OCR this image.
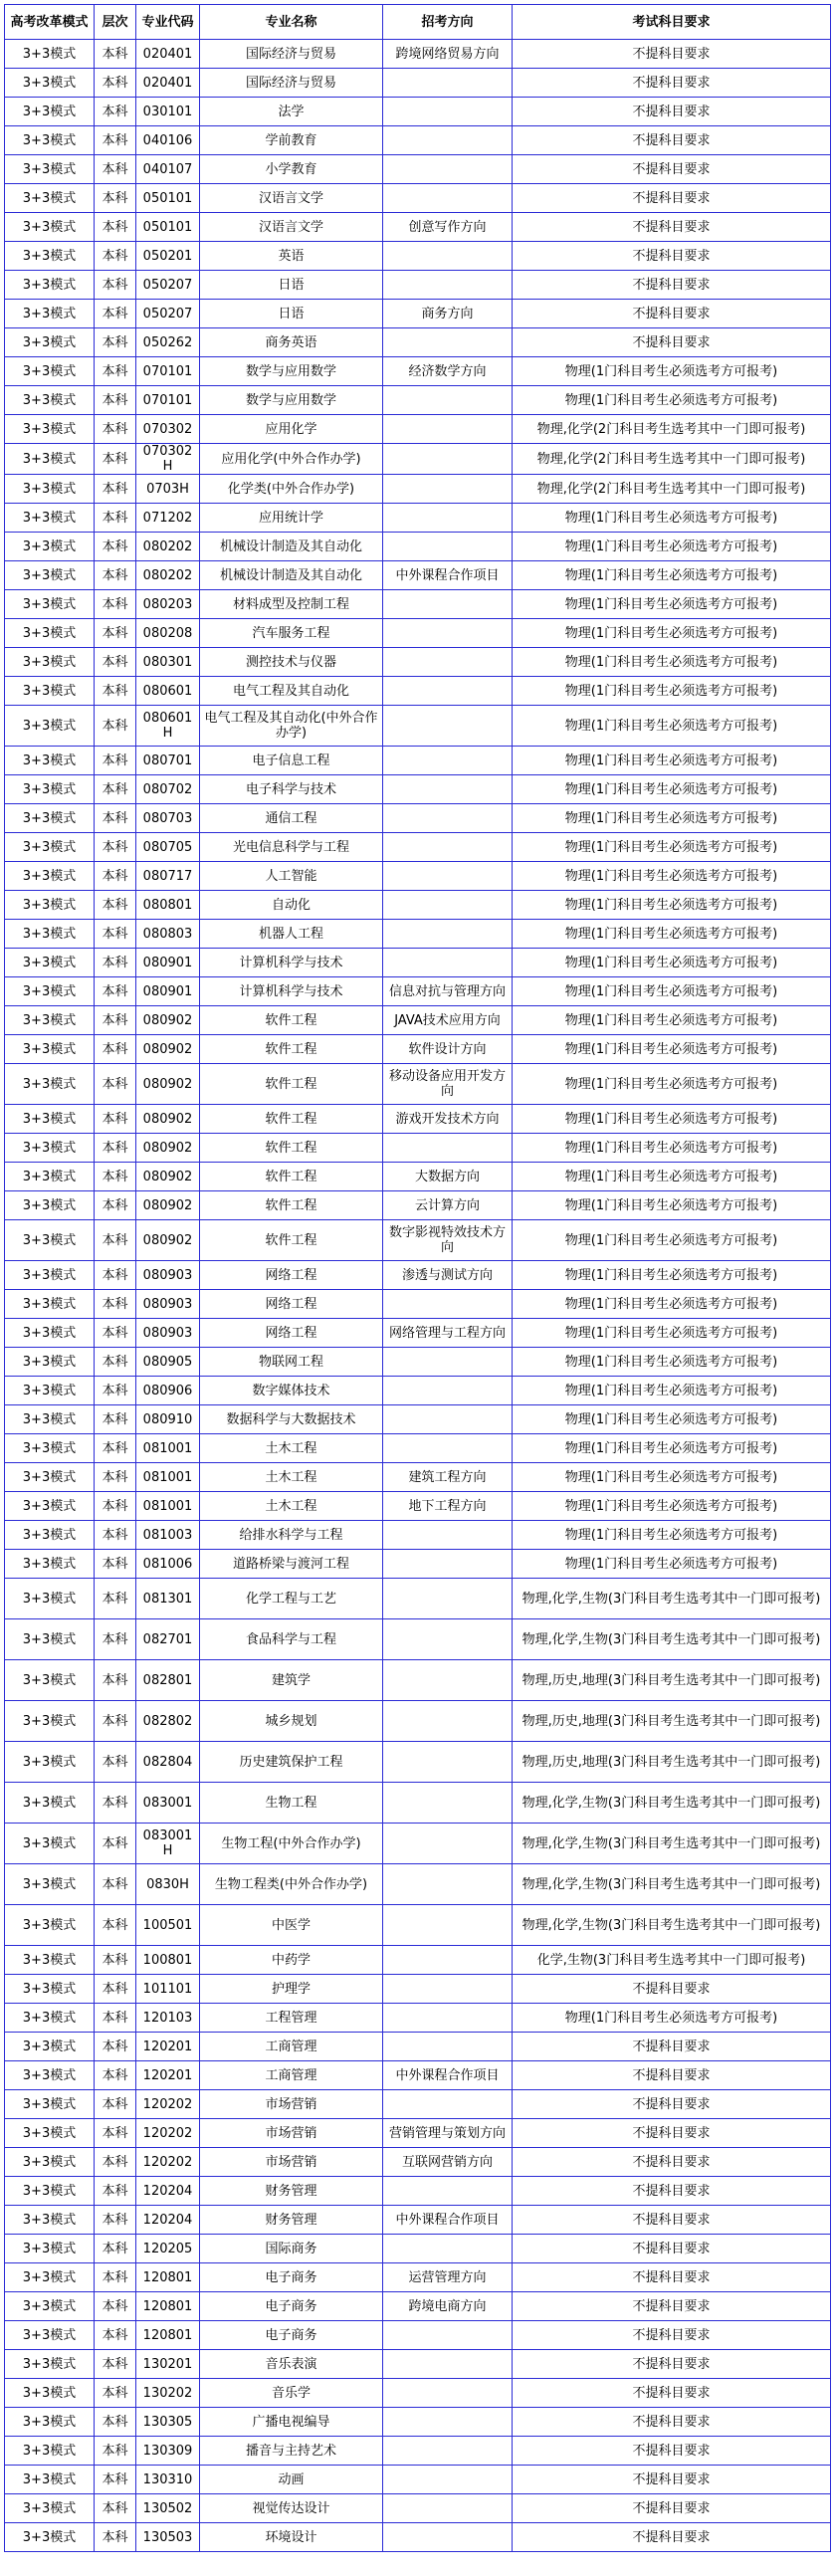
高考改革模式	层次	专业代码	专业名称	招考方向	考试科目要求
3+3模式	本科	020401	国际经济与贸易	跨境网络贸易方向	不提科目要求
3+3模式	本科	020401	国际经济与贸易		不提科目要求
3+3模式	本科	030101	法学		不提科目要求
3+3模式	本科	040106	学前教育		不提科目要求
3+3模式	本科	040107	小学教育		不提科目要求
3+3模式	本科	050101	汉语言文学		不提科目要求
3+3模式	本科	050101	汉语言文学	创意写作方向	不提科目要求
3+3模式	本科	050201	英语		不提科目要求
3+3模式	本科	050207	日语		不提科目要求
3+3模式	本科	050207	日语	商务方向	不提科目要求
3+3模式	本科	050262	商务英语		不提科目要求
3+3模式	本科	070101	数学与应用数学	经济数学方向	物理(1门科目考生必须选考方可报考)
3+3模式	本科	070101	数学与应用数学		物理(1门科目考生必须选考方可报考)
3+3模式	本科	070302	应用化学		物理,化学(2门科目考生选考其中一门即可报考)
3+3模式	本科	070302H	应用化学(中外合作办学)		物理,化学(2门科目考生选考其中一门即可报考)
3+3模式	本科	0703H	化学类(中外合作办学)		物理,化学(2门科目考生选考其中一门即可报考)
3+3模式	本科	071202	应用统计学		物理(1门科目考生必须选考方可报考)
3+3模式	本科	080202	机械设计制造及其自动化		物理(1门科目考生必须选考方可报考)
3+3模式	本科	080202	机械设计制造及其自动化	中外课程合作项目	物理(1门科目考生必须选考方可报考)
3+3模式	本科	080203	材料成型及控制工程		物理(1门科目考生必须选考方可报考)
3+3模式	本科	080208	汽车服务工程		物理(1门科目考生必须选考方可报考)
3+3模式	本科	080301	测控技术与仪器		物理(1门科目考生必须选考方可报考)
3+3模式	本科	080601	电气工程及其自动化		物理(1门科目考生必须选考方可报考)
3+3模式	本科	080601H	电气工程及其自动化(中外合作办学)		物理(1门科目考生必须选考方可报考)
3+3模式	本科	080701	电子信息工程		物理(1门科目考生必须选考方可报考)
3+3模式	本科	080702	电子科学与技术		物理(1门科目考生必须选考方可报考)
3+3模式	本科	080703	通信工程		物理(1门科目考生必须选考方可报考)
3+3模式	本科	080705	光电信息科学与工程		物理(1门科目考生必须选考方可报考)
3+3模式	本科	080717	人工智能		物理(1门科目考生必须选考方可报考)
3+3模式	本科	080801	自动化		物理(1门科目考生必须选考方可报考)
3+3模式	本科	080803	机器人工程		物理(1门科目考生必须选考方可报考)
3+3模式	本科	080901	计算机科学与技术		物理(1门科目考生必须选考方可报考)
3+3模式	本科	080901	计算机科学与技术	信息对抗与管理方向	物理(1门科目考生必须选考方可报考)
3+3模式	本科	080902	软件工程	JAVA技术应用方向	物理(1门科目考生必须选考方可报考)
3+3模式	本科	080902	软件工程	软件设计方向	物理(1门科目考生必须选考方可报考)
3+3模式	本科	080902	软件工程	移动设备应用开发方向	物理(1门科目考生必须选考方可报考)
3+3模式	本科	080902	软件工程	游戏开发技术方向	物理(1门科目考生必须选考方可报考)
3+3模式	本科	080902	软件工程		物理(1门科目考生必须选考方可报考)
3+3模式	本科	080902	软件工程	大数据方向	物理(1门科目考生必须选考方可报考)
3+3模式	本科	080902	软件工程	云计算方向	物理(1门科目考生必须选考方可报考)
3+3模式	本科	080902	软件工程	数字影视特效技术方向	物理(1门科目考生必须选考方可报考)
3+3模式	本科	080903	网络工程	渗透与测试方向	物理(1门科目考生必须选考方可报考)
3+3模式	本科	080903	网络工程		物理(1门科目考生必须选考方可报考)
3+3模式	本科	080903	网络工程	网络管理与工程方向	物理(1门科目考生必须选考方可报考)
3+3模式	本科	080905	物联网工程		物理(1门科目考生必须选考方可报考)
3+3模式	本科	080906	数字媒体技术		物理(1门科目考生必须选考方可报考)
3+3模式	本科	080910	数据科学与大数据技术		物理(1门科目考生必须选考方可报考)
3+3模式	本科	081001	土木工程		物理(1门科目考生必须选考方可报考)
3+3模式	本科	081001	土木工程	建筑工程方向	物理(1门科目考生必须选考方可报考)
3+3模式	本科	081001	土木工程	地下工程方向	物理(1门科目考生必须选考方可报考)
3+3模式	本科	081003	给排水科学与工程		物理(1门科目考生必须选考方可报考)
3+3模式	本科	081006	道路桥梁与渡河工程		物理(1门科目考生必须选考方可报考)
3+3模式	本科	081301	化学工程与工艺		物理,化学,生物(3门科目考生选考其中一门即可报考)
3+3模式	本科	082701	食品科学与工程		物理,化学,生物(3门科目考生选考其中一门即可报考)
3+3模式	本科	082801	建筑学		物理,历史,地理(3门科目考生选考其中一门即可报考)
3+3模式	本科	082802	城乡规划		物理,历史,地理(3门科目考生选考其中一门即可报考)
3+3模式	本科	082804	历史建筑保护工程		物理,历史,地理(3门科目考生选考其中一门即可报考)
3+3模式	本科	083001	生物工程		物理,化学,生物(3门科目考生选考其中一门即可报考)
3+3模式	本科	083001H	生物工程(中外合作办学)		物理,化学,生物(3门科目考生选考其中一门即可报考)
3+3模式	本科	0830H	生物工程类(中外合作办学)		物理,化学,生物(3门科目考生选考其中一门即可报考)
3+3模式	本科	100501	中医学		物理,化学,生物(3门科目考生选考其中一门即可报考)
3+3模式	本科	100801	中药学		化学,生物(3门科目考生选考其中一门即可报考)
3+3模式	本科	101101	护理学		不提科目要求
3+3模式	本科	120103	工程管理		物理(1门科目考生必须选考方可报考)
3+3模式	本科	120201	工商管理		不提科目要求
3+3模式	本科	120201	工商管理	中外课程合作项目	不提科目要求
3+3模式	本科	120202	市场营销		不提科目要求
3+3模式	本科	120202	市场营销	营销管理与策划方向	不提科目要求
3+3模式	本科	120202	市场营销	互联网营销方向	不提科目要求
3+3模式	本科	120204	财务管理		不提科目要求
3+3模式	本科	120204	财务管理	中外课程合作项目	不提科目要求
3+3模式	本科	120205	国际商务		不提科目要求
3+3模式	本科	120801	电子商务	运营管理方向	不提科目要求
3+3模式	本科	120801	电子商务	跨境电商方向	不提科目要求
3+3模式	本科	120801	电子商务		不提科目要求
3+3模式	本科	130201	音乐表演		不提科目要求
3+3模式	本科	130202	音乐学		不提科目要求
3+3模式	本科	130305	广播电视编导		不提科目要求
3+3模式	本科	130309	播音与主持艺术		不提科目要求
3+3模式	本科	130310	动画		不提科目要求
3+3模式	本科	130502	视觉传达设计		不提科目要求
3+3模式	本科	130503	环境设计		不提科目要求
